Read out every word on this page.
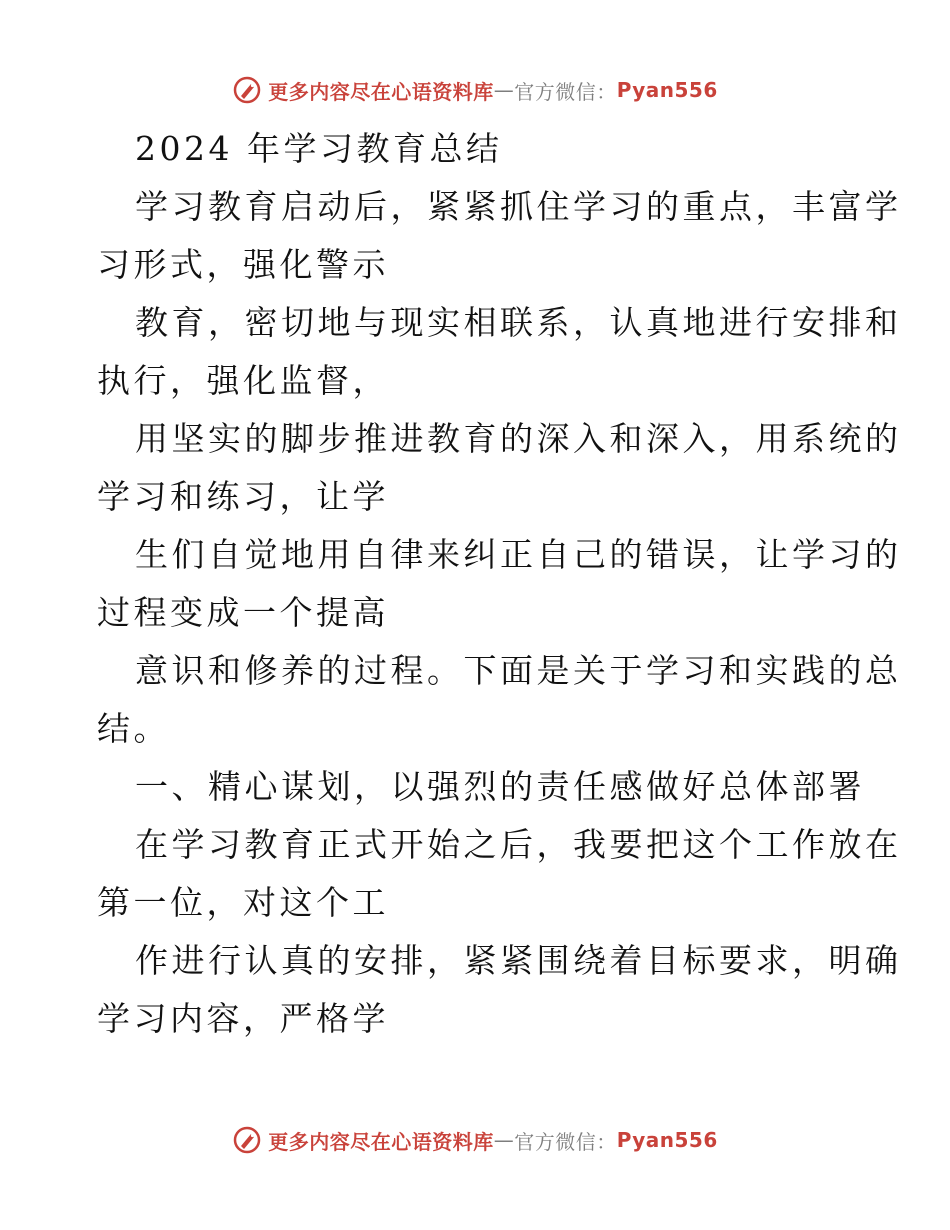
更多内容尽在心语资料库 — 官方微信： Pyan556
2024 年学习教育总结
学习教育启动后，紧紧抓住学习的重点，丰富学
习形式，强化警示
教育，密切地与现实相联系，认真地进行安排和
执行，强化监督，
用坚实的脚步推进教育的深入和深入，用系统的
学习和练习，让学
生们自觉地用自律来纠正自己的错误，让学习的
过程变成一个提高
意识和修养的过程。下面是关于学习和实践的总
结。
一、精心谋划，以强烈的责任感做好总体部署
在学习教育正式开始之后，我要把这个工作放在
第一位，对这个工
作进行认真的安排，紧紧围绕着目标要求，明确
学习内容，严格学
更多内容尽在心语资料库 — 官方微信： Pyan556
